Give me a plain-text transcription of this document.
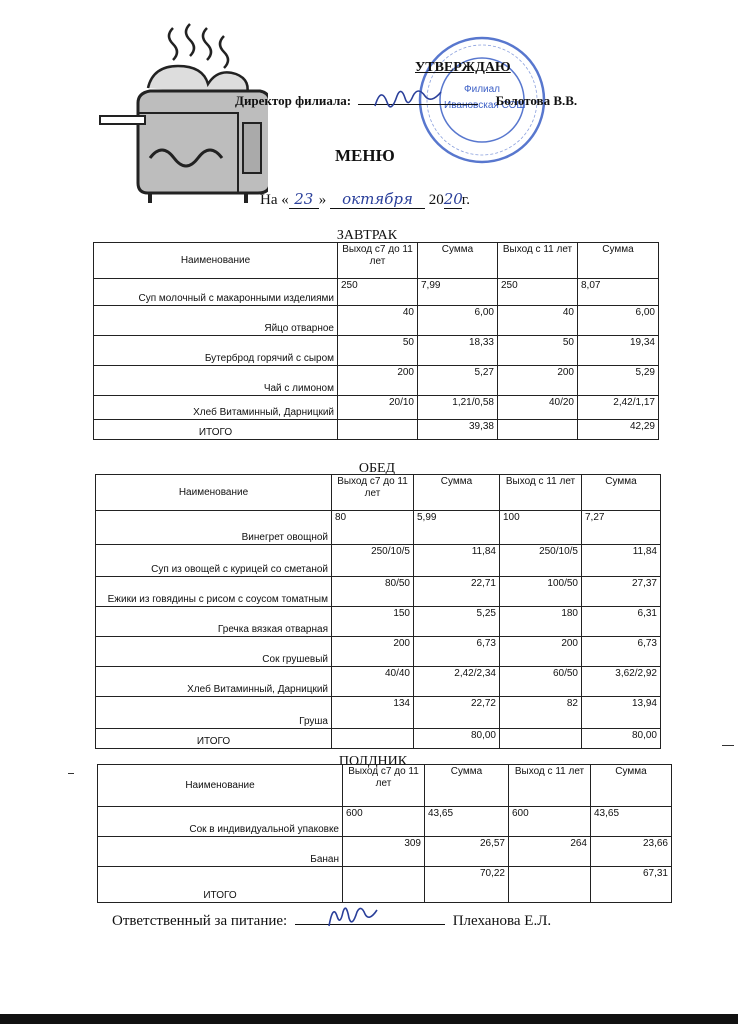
Филиал
Ивановская СОШ
УТВЕРЖДАЮ
Директор филиала:	Болотова В.В.
МЕНЮ
На « 23 » октября 2020г.
ЗАВТРАК
Наименование	Выход с7 до 11 лет	Сумма	Выход с 11 лет	Сумма
Суп молочный с макаронными изделиями	250	7,99	250	8,07
Яйцо отварное	40	6,00	40	6,00
Бутерброд горячий с сыром	50	18,33	50	19,34
Чай с лимоном	200	5,27	200	5,29
Хлеб Витаминный, Дарницкий	20/10	1,21/0,58	40/20	2,42/1,17
ИТОГО		39,38		42,29
ОБЕД
Наименование	Выход с7 до 11 лет	Сумма	Выход с 11 лет	Сумма
Винегрет овощной	80	5,99	100	7,27
Суп из овощей с курицей со сметаной	250/10/5	11,84	250/10/5	11,84
Ежики из говядины с рисом с соусом томатным	80/50	22,71	100/50	27,37
Гречка вязкая отварная	150	5,25	180	6,31
Сок грушевый	200	6,73	200	6,73
Хлеб Витаминный, Дарницкий	40/40	2,42/2,34	60/50	3,62/2,92
Груша	134	22,72	82	13,94
ИТОГО		80,00		80,00
ПОЛДНИК
Наименование	Выход с7 до 11 лет	Сумма	Выход с 11 лет	Сумма
Сок в индивидуальной упаковке	600	43,65	600	43,65
Банан	309	26,57	264	23,66
ИТОГО		70,22		67,31
Ответственный за питание:	Плеханова Е.Л.
